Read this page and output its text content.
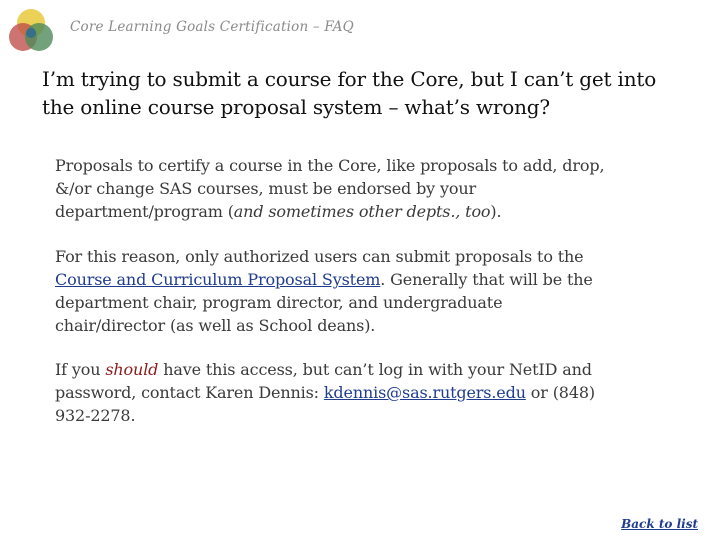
Core Learning Goals Certification – FAQ
I’m trying to submit a course for the Core, but I can’t get into the online course proposal system – what’s wrong?
Proposals to certify a course in the Core, like proposals to add, drop, &/or change SAS courses, must be endorsed by your department/program (and sometimes other depts., too).
For this reason, only authorized users can submit proposals to the Course and Curriculum Proposal System. Generally that will be the department chair, program director, and undergraduate chair/director (as well as School deans).
If you should have this access, but can’t log in with your NetID and password, contact Karen Dennis: kdennis@sas.rutgers.edu or (848) 932-2278.
Back to list
